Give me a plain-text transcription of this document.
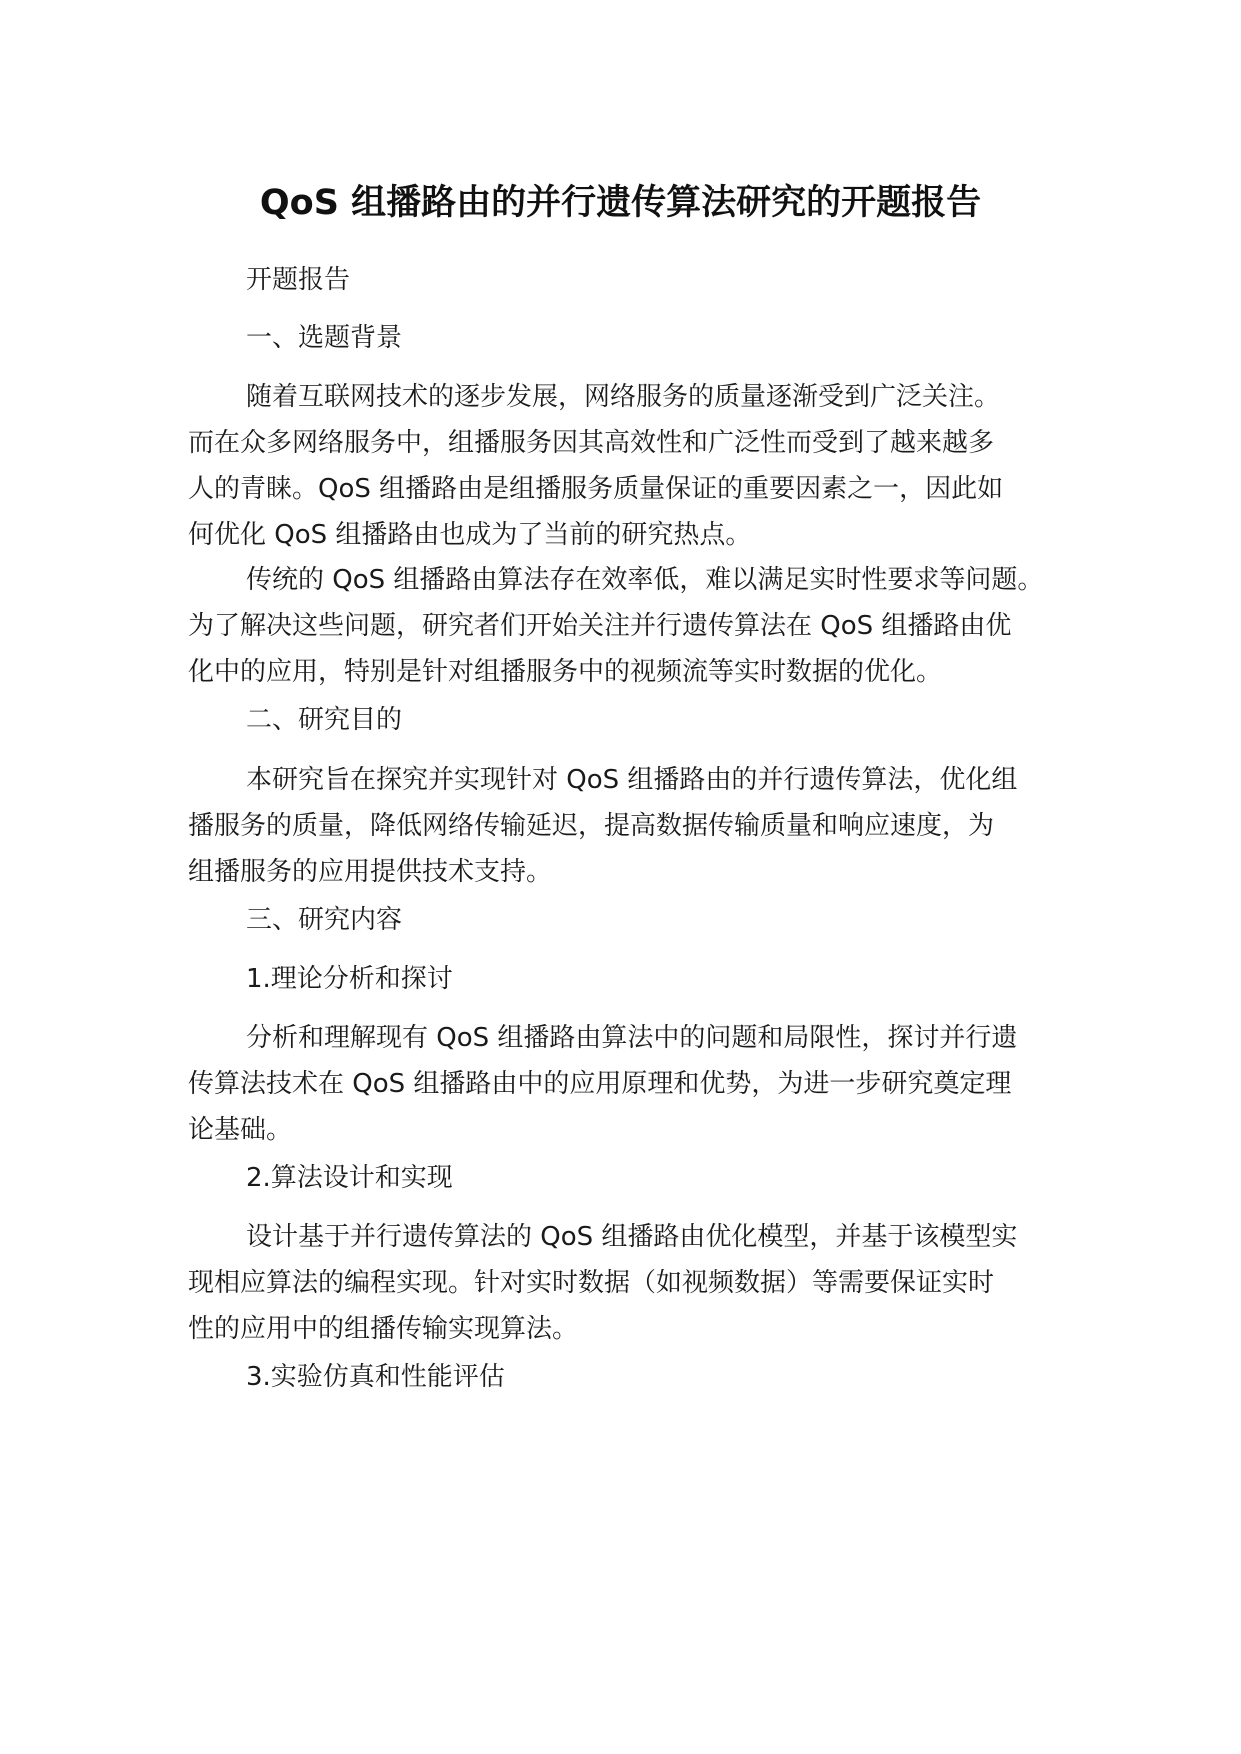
QoS 组播路由的并行遗传算法研究的开题报告

开题报告

一、选题背景

随着互联网技术的逐步发展，网络服务的质量逐渐受到广泛关注。
而在众多网络服务中，组播服务因其高效性和广泛性而受到了越来越多
人的青睐。QoS 组播路由是组播服务质量保证的重要因素之一，因此如
何优化 QoS 组播路由也成为了当前的研究热点。

传统的 QoS 组播路由算法存在效率低，难以满足实时性要求等问题。
为了解决这些问题，研究者们开始关注并行遗传算法在 QoS 组播路由优
化中的应用，特别是针对组播服务中的视频流等实时数据的优化。

二、研究目的

本研究旨在探究并实现针对 QoS 组播路由的并行遗传算法，优化组
播服务的质量，降低网络传输延迟，提高数据传输质量和响应速度，为
组播服务的应用提供技术支持。

三、研究内容

1.理论分析和探讨

分析和理解现有 QoS 组播路由算法中的问题和局限性，探讨并行遗
传算法技术在 QoS 组播路由中的应用原理和优势，为进一步研究奠定理
论基础。

2.算法设计和实现

设计基于并行遗传算法的 QoS 组播路由优化模型，并基于该模型实
现相应算法的编程实现。针对实时数据（如视频数据）等需要保证实时
性的应用中的组播传输实现算法。

3.实验仿真和性能评估
